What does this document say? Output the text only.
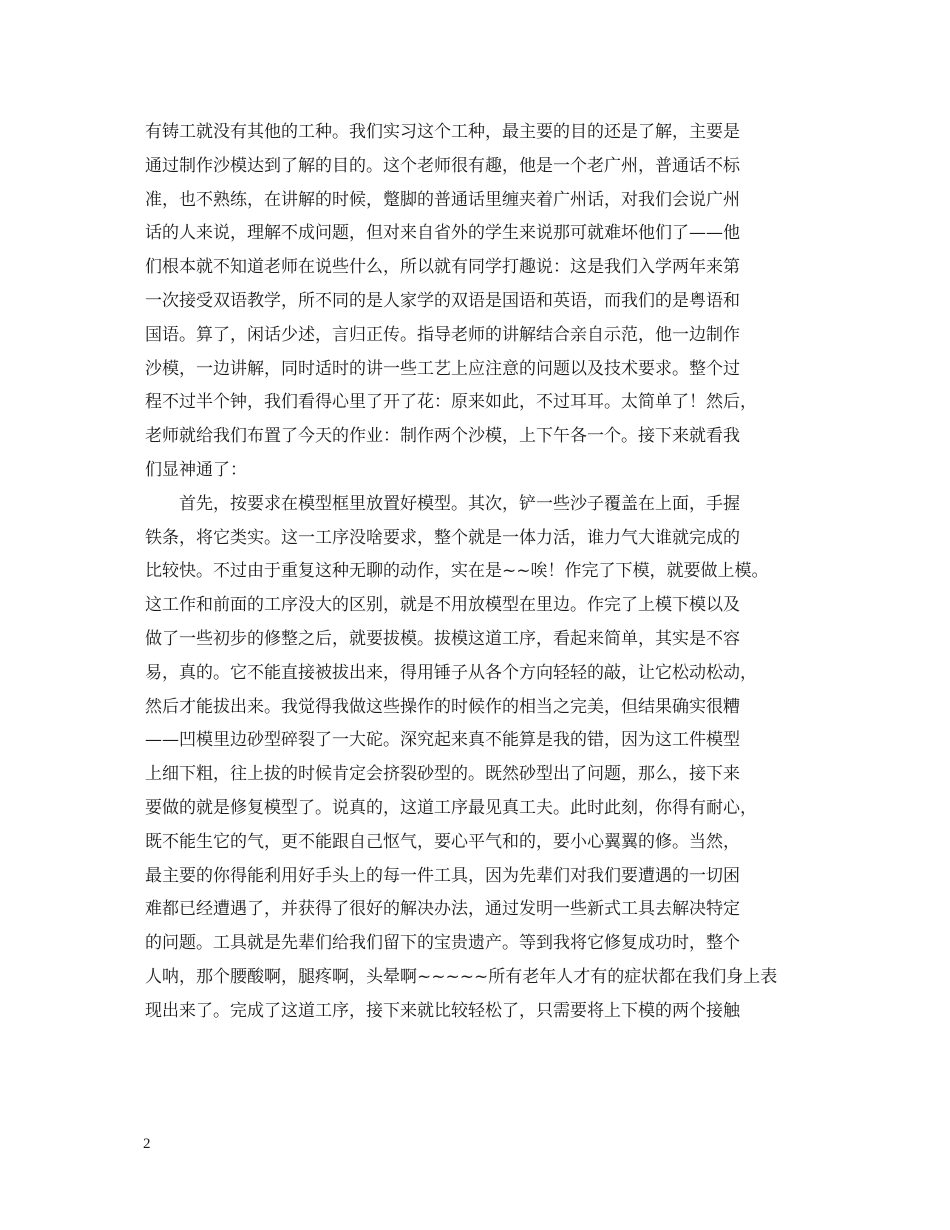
有铸工就没有其他的工种。我们实习这个工种，最主要的目的还是了解，主要是
通过制作沙模达到了解的目的。这个老师很有趣，他是一个老广州，普通话不标
准，也不熟练，在讲解的时候，蹩脚的普通话里缠夹着广州话，对我们会说广州
话的人来说，理解不成问题，但对来自省外的学生来说那可就难坏他们了——他
们根本就不知道老师在说些什么，所以就有同学打趣说：这是我们入学两年来第
一次接受双语教学，所不同的是人家学的双语是国语和英语，而我们的是粤语和
国语。算了，闲话少述，言归正传。指导老师的讲解结合亲自示范，他一边制作
沙模，一边讲解，同时适时的讲一些工艺上应注意的问题以及技术要求。整个过
程不过半个钟，我们看得心里了开了花：原来如此，不过耳耳。太简单了！然后，
老师就给我们布置了今天的作业：制作两个沙模，上下午各一个。接下来就看我
们显神通了：
首先，按要求在模型框里放置好模型。其次，铲一些沙子覆盖在上面，手握
铁条，将它类实。这一工序没啥要求，整个就是一体力活，谁力气大谁就完成的
比较快。不过由于重复这种无聊的动作，实在是~~唉！作完了下模，就要做上模。
这工作和前面的工序没大的区别，就是不用放模型在里边。作完了上模下模以及
做了一些初步的修整之后，就要拔模。拔模这道工序，看起来简单，其实是不容
易，真的。它不能直接被拔出来，得用锤子从各个方向轻轻的敲，让它松动松动，
然后才能拔出来。我觉得我做这些操作的时候作的相当之完美，但结果确实很糟
——凹模里边砂型碎裂了一大砣。深究起来真不能算是我的错，因为这工件模型
上细下粗，往上拔的时候肯定会挤裂砂型的。既然砂型出了问题，那么，接下来
要做的就是修复模型了。说真的，这道工序最见真工夫。此时此刻，你得有耐心，
既不能生它的气，更不能跟自己怄气，要心平气和的，要小心翼翼的修。当然，
最主要的你得能利用好手头上的每一件工具，因为先辈们对我们要遭遇的一切困
难都已经遭遇了，并获得了很好的解决办法，通过发明一些新式工具去解决特定
的问题。工具就是先辈们给我们留下的宝贵遗产。等到我将它修复成功时，整个
人呐，那个腰酸啊，腿疼啊，头晕啊~~~~~所有老年人才有的症状都在我们身上表
现出来了。完成了这道工序，接下来就比较轻松了，只需要将上下模的两个接触

2
